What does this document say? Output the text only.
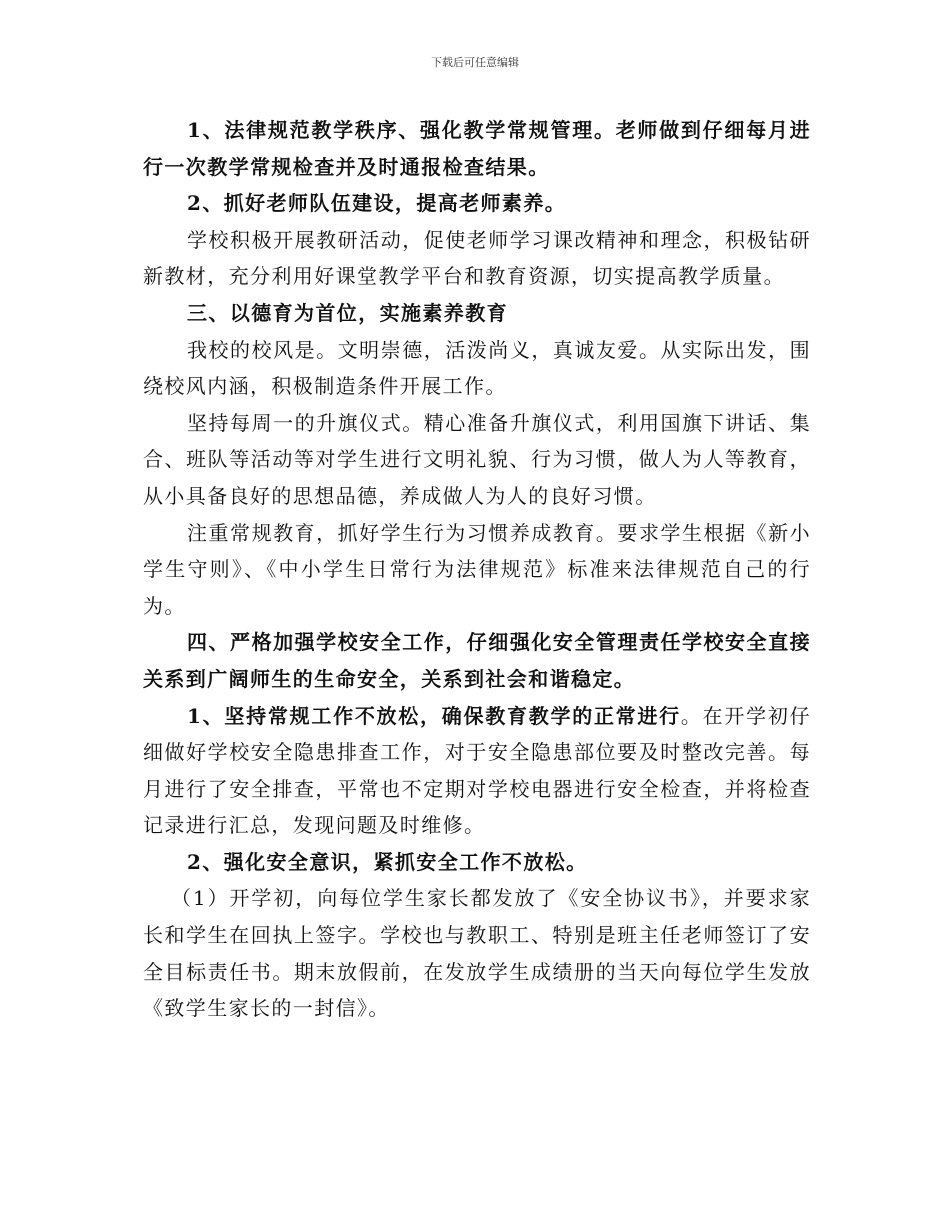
下载后可任意编辑

1、法律规范教学秩序、强化教学常规管理。老师做到仔细每月进行一次教学常规检查并及时通报检查结果。

2、抓好老师队伍建设，提高老师素养。

学校积极开展教研活动，促使老师学习课改精神和理念，积极钻研新教材，充分利用好课堂教学平台和教育资源，切实提高教学质量。

三、以德育为首位，实施素养教育

我校的校风是。文明崇德，活泼尚义，真诚友爱。从实际出发，围绕校风内涵，积极制造条件开展工作。

坚持每周一的升旗仪式。精心准备升旗仪式，利用国旗下讲话、集合、班队等活动等对学生进行文明礼貌、行为习惯，做人为人等教育，从小具备良好的思想品德，养成做人为人的良好习惯。

注重常规教育，抓好学生行为习惯养成教育。要求学生根据《新小学生守则》、《中小学生日常行为法律规范》标准来法律规范自己的行为。

四、严格加强学校安全工作，仔细强化安全管理责任学校安全直接关系到广阔师生的生命安全，关系到社会和谐稳定。

1、坚持常规工作不放松，确保教育教学的正常进行。在开学初仔细做好学校安全隐患排查工作，对于安全隐患部位要及时整改完善。每月进行了安全排查，平常也不定期对学校电器进行安全检查，并将检查记录进行汇总，发现问题及时维修。

2、强化安全意识，紧抓安全工作不放松。

（1）开学初，向每位学生家长都发放了《安全协议书》，并要求家长和学生在回执上签字。学校也与教职工、特别是班主任老师签订了安全目标责任书。期末放假前，在发放学生成绩册的当天向每位学生发放《致学生家长的一封信》。
